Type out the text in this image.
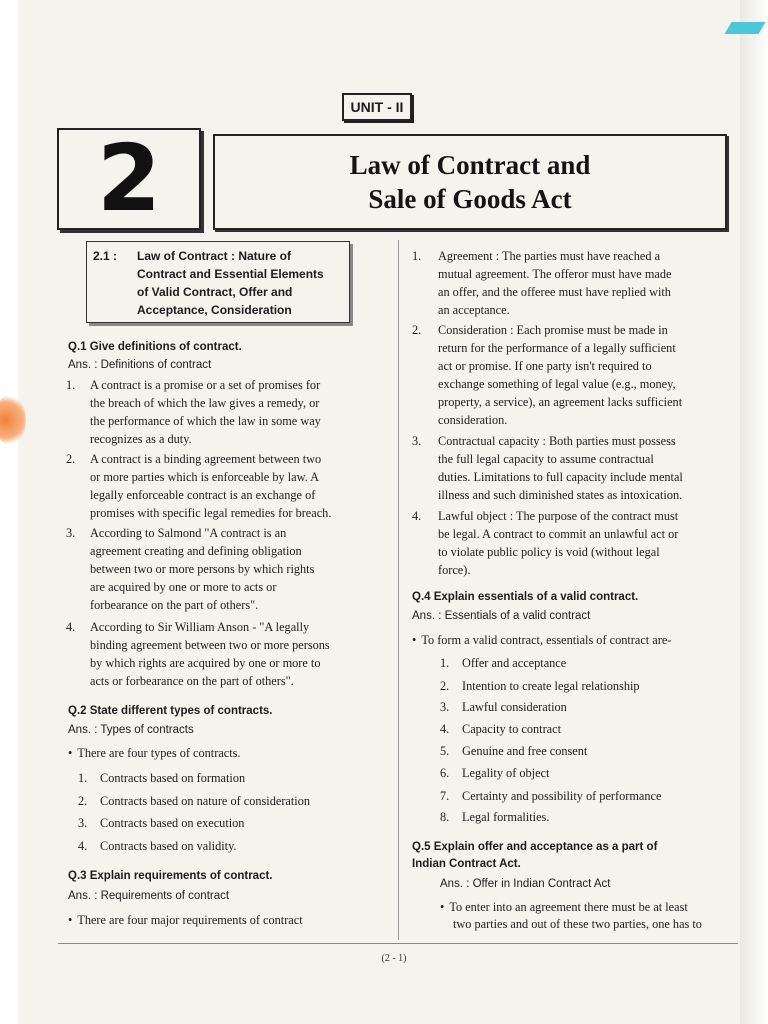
UNIT - II
2	Law of Contract and
Sale of Goods Act
2.1 : Law of Contract : Nature of
Contract and Essential Elements
of Valid Contract, Offer and
Acceptance, Consideration
Q.1 Give definitions of contract.
Ans. : Definitions of contract
1. A contract is a promise or a set of promises for
the breach of which the law gives a remedy, or
the performance of which the law in some way
recognizes as a duty.
2. A contract is a binding agreement between two
or more parties which is enforceable by law. A
legally enforceable contract is an exchange of
promises with specific legal remedies for breach.
3. According to Salmond "A contract is an
agreement creating and defining obligation
between two or more persons by which rights
are acquired by one or more to acts or
forbearance on the part of others".
4. According to Sir William Anson - "A legally
binding agreement between two or more persons
by which rights are acquired by one or more to
acts or forbearance on the part of others".
Q.2 State different types of contracts.
Ans. : Types of contracts
• There are four types of contracts.
1. Contracts based on formation
2. Contracts based on nature of consideration
3. Contracts based on execution
4. Contracts based on validity.
Q.3 Explain requirements of contract.
Ans. : Requirements of contract
• There are four major requirements of contract
1. Agreement : The parties must have reached a
mutual agreement. The offeror must have made
an offer, and the offeree must have replied with
an acceptance.
2. Consideration : Each promise must be made in
return for the performance of a legally sufficient
act or promise. If one party isn't required to
exchange something of legal value (e.g., money,
property, a service), an agreement lacks sufficient
consideration.
3. Contractual capacity : Both parties must possess
the full legal capacity to assume contractual
duties. Limitations to full capacity include mental
illness and such diminished states as intoxication.
4. Lawful object : The purpose of the contract must
be legal. A contract to commit an unlawful act or
to violate public policy is void (without legal
force).
Q.4 Explain essentials of a valid contract.
Ans. : Essentials of a valid contract
• To form a valid contract, essentials of contract are-
1. Offer and acceptance
2. Intention to create legal relationship
3. Lawful consideration
4. Capacity to contract
5. Genuine and free consent
6. Legality of object
7. Certainty and possibility of performance
8. Legal formalities.
Q.5 Explain offer and acceptance as a part of
Indian Contract Act.
Ans. : Offer in Indian Contract Act
• To enter into an agreement there must be at least
two parties and out of these two parties, one has to
(2 - 1)
